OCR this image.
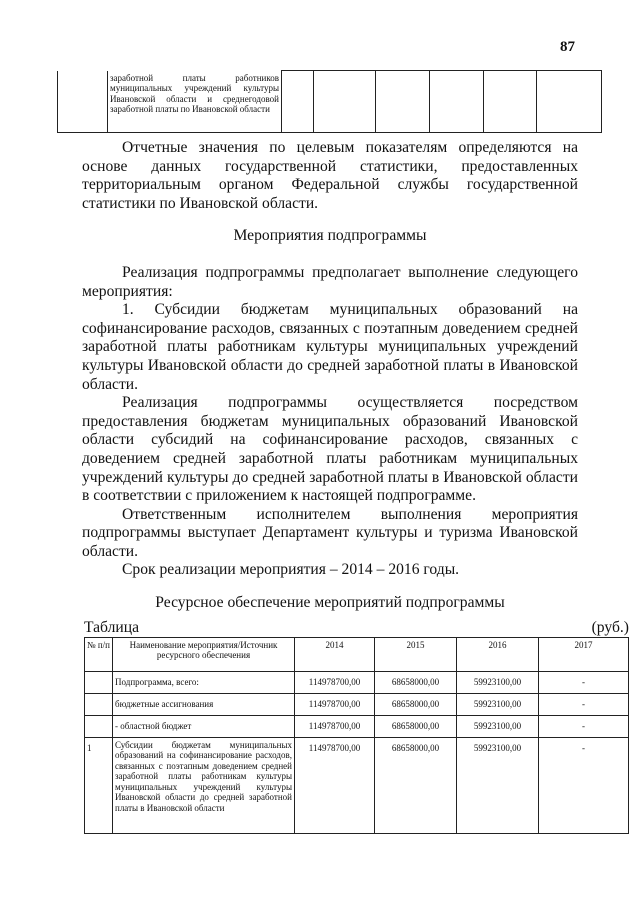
87
	заработной платы работников муниципальных учреждений культуры Ивановской области и среднегодовой заработной платы по Ивановской области						

Отчетные значения по целевым показателям определяются на основе данных государственной статистики, предоставленных территориальным органом Федеральной службы государственной статистики по Ивановской области.

Мероприятия подпрограммы

Реализация подпрограммы предполагает выполнение следующего мероприятия:

1. Субсидии бюджетам муниципальных образований на софинансирование расходов, связанных с поэтапным доведением средней заработной платы работникам культуры муниципальных учреждений культуры Ивановской области до средней заработной платы в Ивановской области.

Реализация подпрограммы осуществляется посредством предоставления бюджетам муниципальных образований Ивановской области субсидий на софинансирование расходов, связанных с доведением средней заработной платы работникам муниципальных учреждений культуры до средней заработной платы в Ивановской области в соответствии с приложением к настоящей подпрограмме.

Ответственным исполнителем выполнения мероприятия подпрограммы выступает Департамент культуры и туризма Ивановской области.

Срок реализации мероприятия – 2014 – 2016 годы.

Ресурсное обеспечение мероприятий подпрограммы

Таблица	(руб.)
№ п/п	Наименование мероприятия/Источник ресурсного обеспечения	2014	2015	2016	2017
	Подпрограмма, всего:	114978700,00	68658000,00	59923100,00	-
	бюджетные ассигнования	114978700,00	68658000,00	59923100,00	-
	- областной бюджет	114978700,00	68658000,00	59923100,00	-
1	Субсидии бюджетам муниципальных образований на софинансирование расходов, связанных с поэтапным доведением средней заработной платы работникам культуры муниципальных учреждений культуры Ивановской области до средней заработной платы в Ивановской области	114978700,00	68658000,00	59923100,00	-
